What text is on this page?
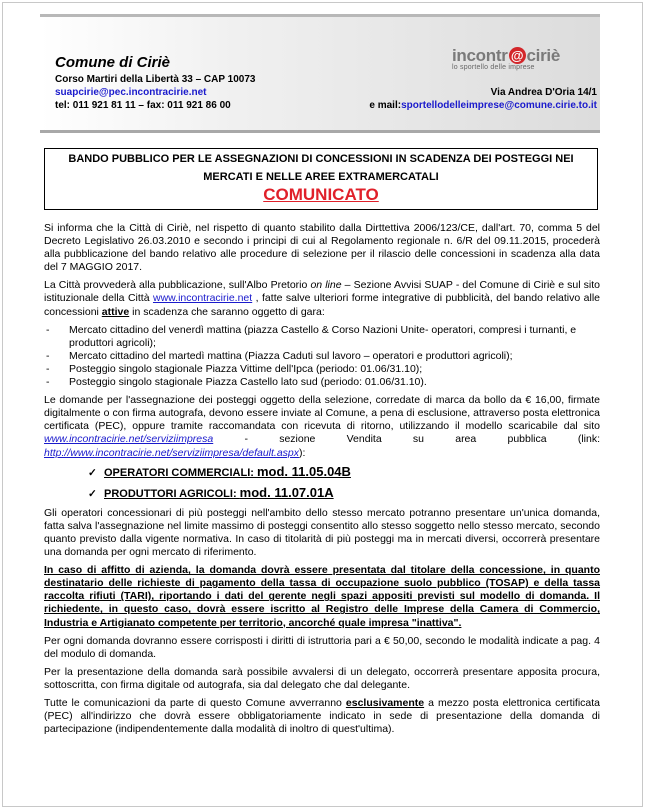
Comune di Ciriè
Corso Martiri della Libertà 33 – CAP 10073
suapcirie@pec.incontracirie.net
tel: 011 921 81 11 – fax: 011 921 86 00
incontr @ ciriè
lo sportello delle imprese
Via Andrea D'Oria 14/1
e mail:sportellodelleimprese@comune.cirie.to.it
BANDO PUBBLICO PER LE ASSEGNAZIONI DI CONCESSIONI IN SCADENZA DEI POSTEGGI NEI
MERCATI E NELLE AREE EXTRAMERCATALI
COMUNICATO

Si informa che la Città di Ciriè, nel rispetto di quanto stabilito dalla Dirttettiva 2006/123/CE, dall'art. 70, comma 5 del Decreto Legislativo 26.03.2010 e secondo i principi di cui al Regolamento regionale n. 6/R del 09.11.2015, procederà alla pubblicazione del bando relativo alle procedure di selezione per il rilascio delle concessioni in scadenza alla data del 7 MAGGIO 2017.

La Città provvederà alla pubblicazione, sull'Albo Pretorio on line – Sezione Avvisi SUAP - del Comune di Ciriè e sul sito istituzionale della Città www.incontracirie.net , fatte salve ulteriori forme integrative di pubblicità, del bando relativo alle concessioni attive in scadenza che saranno oggetto di gara:

- Mercato cittadino del venerdì mattina (piazza Castello & Corso Nazioni Unite- operatori, compresi i turnanti, e produttori agricoli);
- Mercato cittadino del martedì mattina (Piazza Caduti sul lavoro – operatori e produttori agricoli);
- Posteggio singolo stagionale Piazza Vittime dell'Ipca (periodo: 01.06/31.10);
- Posteggio singolo stagionale Piazza Castello lato sud (periodo: 01.06/31.10).

Le domande per l'assegnazione dei posteggi oggetto della selezione, corredate di marca da bollo da € 16,00, firmate digitalmente o con firma autografa, devono essere inviate al Comune, a pena di esclusione, attraverso posta elettronica certificata (PEC), oppure tramite raccomandata con ricevuta di ritorno, utilizzando il modello scaricabile dal sito www.incontracirie.net/serviziimpresa - sezione Vendita su area pubblica (link: http://www.incontracirie.net/serviziimpresa/default.aspx):

✓ OPERATORI COMMERCIALI: mod. 11.05.04B
✓ PRODUTTORI AGRICOLI: mod. 11.07.01A

Gli operatori concessionari di più posteggi nell'ambito dello stesso mercato potranno presentare un'unica domanda, fatta salva l'assegnazione nel limite massimo di posteggi consentito allo stesso soggetto nello stesso mercato, secondo quanto previsto dalla vigente normativa. In caso di titolarità di più posteggi ma in mercati diversi, occorrerà presentare una domanda per ogni mercato di riferimento.

In caso di affitto di azienda, la domanda dovrà essere presentata dal titolare della concessione, in quanto destinatario delle richieste di pagamento della tassa di occupazione suolo pubblico (TOSAP) e della tassa raccolta rifiuti (TARI), riportando i dati del gerente negli spazi appositi previsti sul modello di domanda. Il richiedente, in questo caso, dovrà essere iscritto al Registro delle Imprese della Camera di Commercio, Industria e Artigianato competente per territorio, ancorché quale impresa "inattiva".

Per ogni domanda dovranno essere corrisposti i diritti di istruttoria pari a € 50,00, secondo le modalità indicate a pag. 4 del modulo di domanda.

Per la presentazione della domanda sarà possibile avvalersi di un delegato, occorrerà presentare apposita procura, sottoscritta, con firma digitale od autografa, sia dal delegato che dal delegante.

Tutte le comunicazioni da parte di questo Comune avverranno esclusivamente a mezzo posta elettronica certificata (PEC) all'indirizzo che dovrà essere obbligatoriamente indicato in sede di presentazione della domanda di partecipazione (indipendentemente dalla modalità di inoltro di quest'ultima).
